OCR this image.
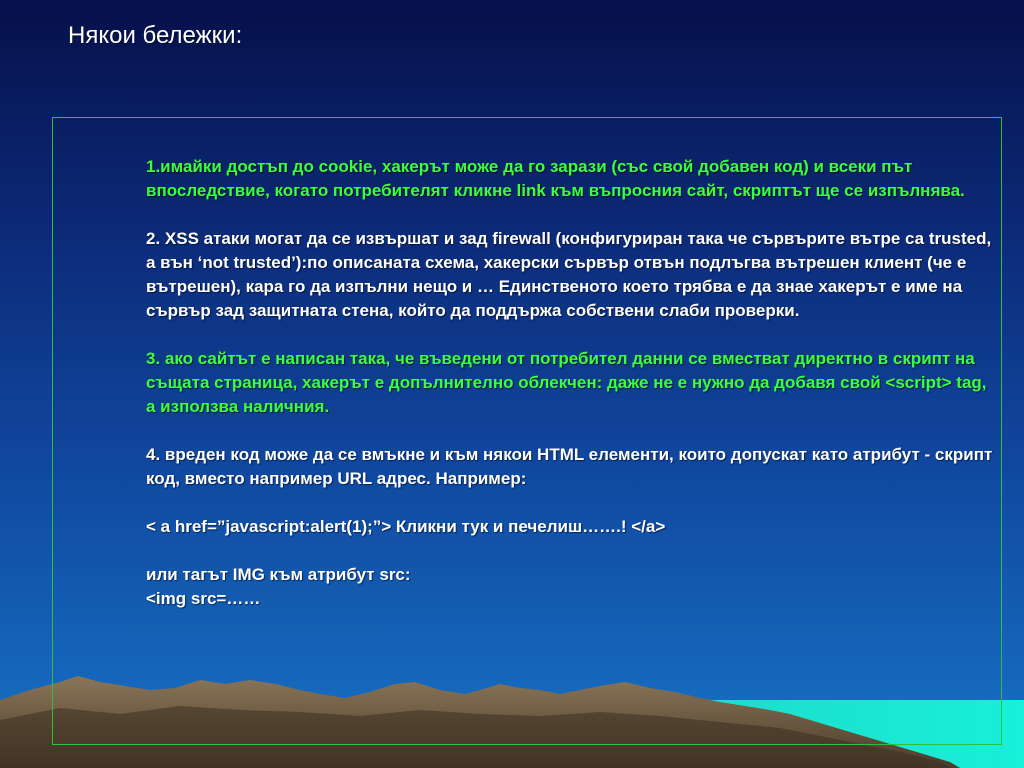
Някои бележки:

1.имайки достъп до cookie, хакерът може да го зарази (със свой добавен код) и всеки път впоследствие, когато потребителят кликне link към въпросния сайт, скриптът ще се изпълнява.

2. XSS атаки могат да се извършат и зад firewall (конфигуриран така че сървърите вътре са trusted, а вън ‘not trusted’):по описаната схема, хакерски сървър отвън подлъгва вътрешен клиент (че е вътрешен), кара го да изпълни нещо и … Единственото което трябва е да знае хакерът е име на сървър зад защитната стена, който да поддържа собствени слаби проверки.

3. ако сайтът е написан така, че въведени от потребител данни се вместват директно в скрипт на същата страница, хакерът е допълнително облекчен: даже не е нужно да добавя свой <script> tag, а използва наличния.

4. вреден код може да се вмъкне и към някои HTML елементи, които допускат като атрибут - скрипт код, вместо например URL адрес. Например:

< a href=”javascript:alert(1);”> Кликни тук и печелиш…….! </a>

или тагът IMG към атрибут src:

<img src=……
